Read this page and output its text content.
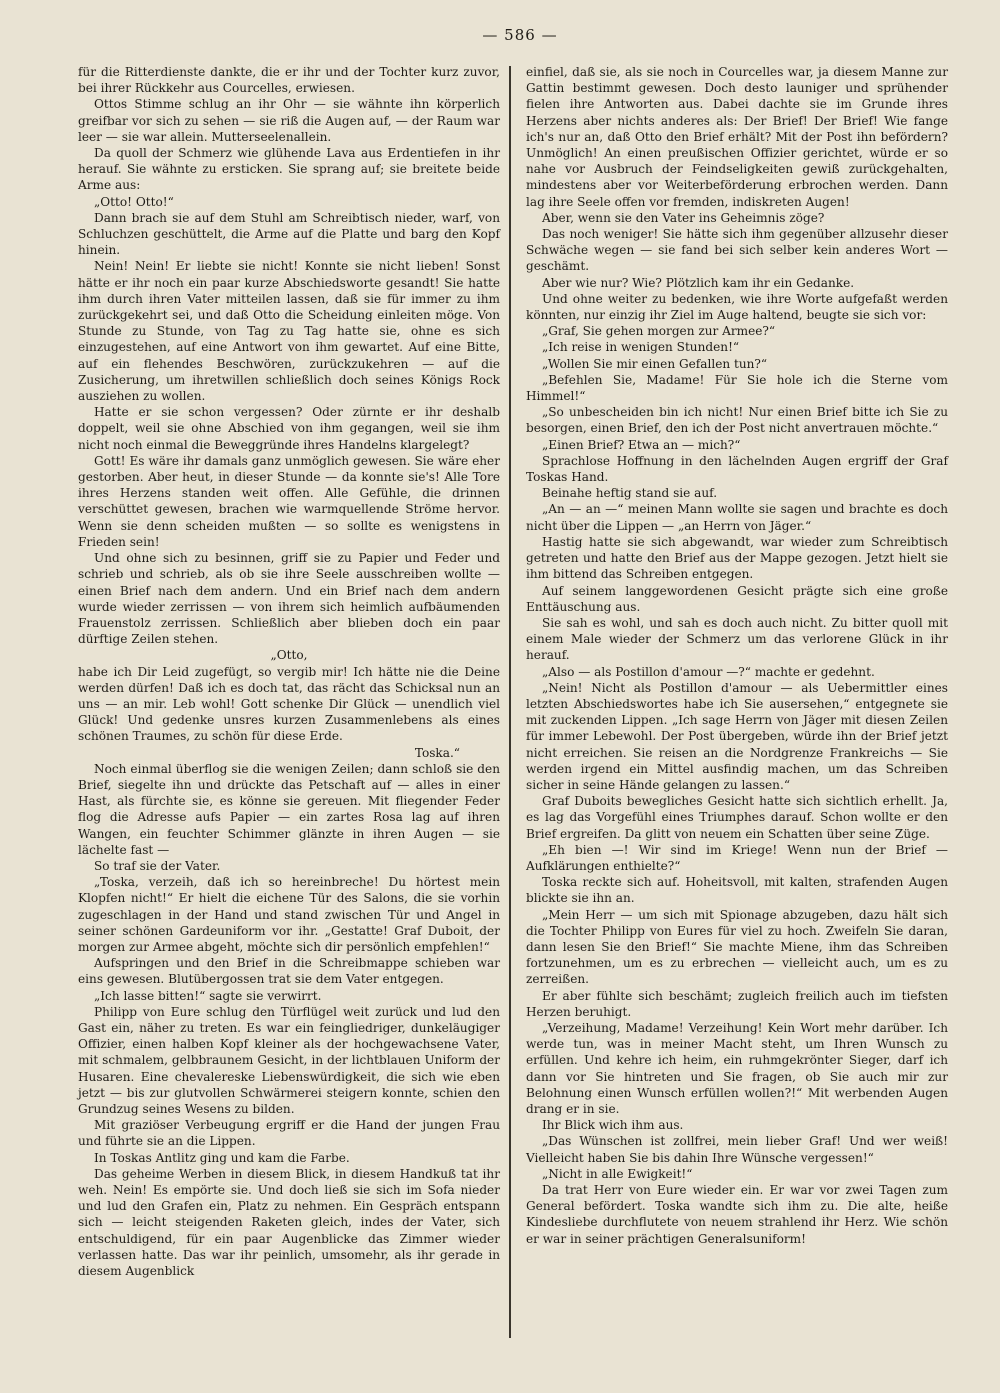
— 586 —

für die Ritterdienste dankte, die er ihr und der Tochter kurz zuvor, bei ihrer Rückkehr aus Courcelles, erwiesen.

Ottos Stimme schlug an ihr Ohr — sie wähnte ihn körperlich greifbar vor sich zu sehen — sie riß die Augen auf, — der Raum war leer — sie war allein. Mutterseelenallein.

Da quoll der Schmerz wie glühende Lava aus Erdentiefen in ihr herauf. Sie wähnte zu ersticken. Sie sprang auf; sie breitete beide Arme aus:

„Otto! Otto!“

Dann brach sie auf dem Stuhl am Schreibtisch nieder, warf, von Schluchzen geschüttelt, die Arme auf die Platte und barg den Kopf hinein.

Nein! Nein! Er liebte sie nicht! Konnte sie nicht lieben! Sonst hätte er ihr noch ein paar kurze Abschiedsworte gesandt! Sie hatte ihm durch ihren Vater mitteilen lassen, daß sie für immer zu ihm zurückgekehrt sei, und daß Otto die Scheidung einleiten möge. Von Stunde zu Stunde, von Tag zu Tag hatte sie, ohne es sich einzugestehen, auf eine Antwort von ihm gewartet. Auf eine Bitte, auf ein flehendes Beschwören, zurückzukehren — auf die Zusicherung, um ihretwillen schließlich doch seines Königs Rock ausziehen zu wollen.

Hatte er sie schon vergessen? Oder zürnte er ihr deshalb doppelt, weil sie ohne Abschied von ihm gegangen, weil sie ihm nicht noch einmal die Beweggründe ihres Handelns klargelegt?

Gott! Es wäre ihr damals ganz unmöglich gewesen. Sie wäre eher gestorben. Aber heut, in dieser Stunde — da konnte sie's! Alle Tore ihres Herzens standen weit offen. Alle Gefühle, die drinnen verschüttet gewesen, brachen wie warmquellende Ströme hervor. Wenn sie denn scheiden mußten — so sollte es wenigstens in Frieden sein!

Und ohne sich zu besinnen, griff sie zu Papier und Feder und schrieb und schrieb, als ob sie ihre Seele ausschreiben wollte — einen Brief nach dem andern. Und ein Brief nach dem andern wurde wieder zerrissen — von ihrem sich heimlich aufbäumenden Frauenstolz zerrissen. Schließlich aber blieben doch ein paar dürftige Zeilen stehen.

„Otto,

habe ich Dir Leid zugefügt, so vergib mir! Ich hätte nie die Deine werden dürfen! Daß ich es doch tat, das rächt das Schicksal nun an uns — an mir. Leb wohl! Gott schenke Dir Glück — unendlich viel Glück! Und gedenke unsres kurzen Zusammenlebens als eines schönen Traumes, zu schön für diese Erde.

Toska.“

Noch einmal überflog sie die wenigen Zeilen; dann schloß sie den Brief, siegelte ihn und drückte das Petschaft auf — alles in einer Hast, als fürchte sie, es könne sie gereuen. Mit fliegender Feder flog die Adresse aufs Papier — ein zartes Rosa lag auf ihren Wangen, ein feuchter Schimmer glänzte in ihren Augen — sie lächelte fast —

So traf sie der Vater.

„Toska, verzeih, daß ich so hereinbreche! Du hörtest mein Klopfen nicht!“ Er hielt die eichene Tür des Salons, die sie vorhin zugeschlagen in der Hand und stand zwischen Tür und Angel in seiner schönen Gardeuniform vor ihr. „Gestatte! Graf Duboit, der morgen zur Armee abgeht, möchte sich dir persönlich empfehlen!“

Aufspringen und den Brief in die Schreibmappe schieben war eins gewesen. Blutübergossen trat sie dem Vater entgegen.

„Ich lasse bitten!“ sagte sie verwirrt.

Philipp von Eure schlug den Türflügel weit zurück und lud den Gast ein, näher zu treten. Es war ein feingliedriger, dunkeläugiger Offizier, einen halben Kopf kleiner als der hochgewachsene Vater, mit schmalem, gelbbraunem Gesicht, in der lichtblauen Uniform der Husaren. Eine chevalereske Liebenswürdigkeit, die sich wie eben jetzt — bis zur glutvollen Schwärmerei steigern konnte, schien den Grundzug seines Wesens zu bilden.

Mit graziöser Verbeugung ergriff er die Hand der jungen Frau und führte sie an die Lippen.

In Toskas Antlitz ging und kam die Farbe.

Das geheime Werben in diesem Blick, in diesem Handkuß tat ihr weh. Nein! Es empörte sie. Und doch ließ sie sich im Sofa nieder und lud den Grafen ein, Platz zu nehmen. Ein Gespräch entspann sich — leicht steigenden Raketen gleich, indes der Vater, sich entschuldigend, für ein paar Augenblicke das Zimmer wieder verlassen hatte. Das war ihr peinlich, umsomehr, als ihr gerade in diesem Augenblick

einfiel, daß sie, als sie noch in Courcelles war, ja diesem Manne zur Gattin bestimmt gewesen. Doch desto launiger und sprühender fielen ihre Antworten aus. Dabei dachte sie im Grunde ihres Herzens aber nichts anderes als: Der Brief! Der Brief! Wie fange ich's nur an, daß Otto den Brief erhält? Mit der Post ihn befördern? Unmöglich! An einen preußischen Offizier gerichtet, würde er so nahe vor Ausbruch der Feindseligkeiten gewiß zurückgehalten, mindestens aber vor Weiterbeförderung erbrochen werden. Dann lag ihre Seele offen vor fremden, indiskreten Augen!

Aber, wenn sie den Vater ins Geheimnis zöge?

Das noch weniger! Sie hätte sich ihm gegenüber allzusehr dieser Schwäche wegen — sie fand bei sich selber kein anderes Wort — geschämt.

Aber wie nur? Wie? Plötzlich kam ihr ein Gedanke.

Und ohne weiter zu bedenken, wie ihre Worte aufgefaßt werden könnten, nur einzig ihr Ziel im Auge haltend, beugte sie sich vor:

„Graf, Sie gehen morgen zur Armee?“

„Ich reise in wenigen Stunden!“

„Wollen Sie mir einen Gefallen tun?“

„Befehlen Sie, Madame! Für Sie hole ich die Sterne vom Himmel!“

„So unbescheiden bin ich nicht! Nur einen Brief bitte ich Sie zu besorgen, einen Brief, den ich der Post nicht anvertrauen möchte.“

„Einen Brief? Etwa an — mich?“

Sprachlose Hoffnung in den lächelnden Augen ergriff der Graf Toskas Hand.

Beinahe heftig stand sie auf.

„An — an —“ meinen Mann wollte sie sagen und brachte es doch nicht über die Lippen — „an Herrn von Jäger.“

Hastig hatte sie sich abgewandt, war wieder zum Schreibtisch getreten und hatte den Brief aus der Mappe gezogen. Jetzt hielt sie ihm bittend das Schreiben entgegen.

Auf seinem langgewordenen Gesicht prägte sich eine große Enttäuschung aus.

Sie sah es wohl, und sah es doch auch nicht. Zu bitter quoll mit einem Male wieder der Schmerz um das verlorene Glück in ihr herauf.

„Also — als Postillon d'amour —?“ machte er gedehnt.

„Nein! Nicht als Postillon d'amour — als Uebermittler eines letzten Abschiedswortes habe ich Sie ausersehen,“ entgegnete sie mit zuckenden Lippen. „Ich sage Herrn von Jäger mit diesen Zeilen für immer Lebewohl. Der Post übergeben, würde ihn der Brief jetzt nicht erreichen. Sie reisen an die Nordgrenze Frankreichs — Sie werden irgend ein Mittel ausfindig machen, um das Schreiben sicher in seine Hände gelangen zu lassen.“

Graf Duboits bewegliches Gesicht hatte sich sichtlich erhellt. Ja, es lag das Vorgefühl eines Triumphes darauf. Schon wollte er den Brief ergreifen. Da glitt von neuem ein Schatten über seine Züge.

„Eh bien —! Wir sind im Kriege! Wenn nun der Brief — Aufklärungen enthielte?“

Toska reckte sich auf. Hoheitsvoll, mit kalten, strafenden Augen blickte sie ihn an.

„Mein Herr — um sich mit Spionage abzugeben, dazu hält sich die Tochter Philipp von Eures für viel zu hoch. Zweifeln Sie daran, dann lesen Sie den Brief!“ Sie machte Miene, ihm das Schreiben fortzunehmen, um es zu erbrechen — vielleicht auch, um es zu zerreißen.

Er aber fühlte sich beschämt; zugleich freilich auch im tiefsten Herzen beruhigt.

„Verzeihung, Madame! Verzeihung! Kein Wort mehr darüber. Ich werde tun, was in meiner Macht steht, um Ihren Wunsch zu erfüllen. Und kehre ich heim, ein ruhmgekrönter Sieger, darf ich dann vor Sie hintreten und Sie fragen, ob Sie auch mir zur Belohnung einen Wunsch erfüllen wollen?!“ Mit werbenden Augen drang er in sie.

Ihr Blick wich ihm aus.

„Das Wünschen ist zollfrei, mein lieber Graf! Und wer weiß! Vielleicht haben Sie bis dahin Ihre Wünsche vergessen!“

„Nicht in alle Ewigkeit!“

Da trat Herr von Eure wieder ein. Er war vor zwei Tagen zum General befördert. Toska wandte sich ihm zu. Die alte, heiße Kindesliebe durchflutete von neuem strahlend ihr Herz. Wie schön er war in seiner prächtigen Generalsuniform!
